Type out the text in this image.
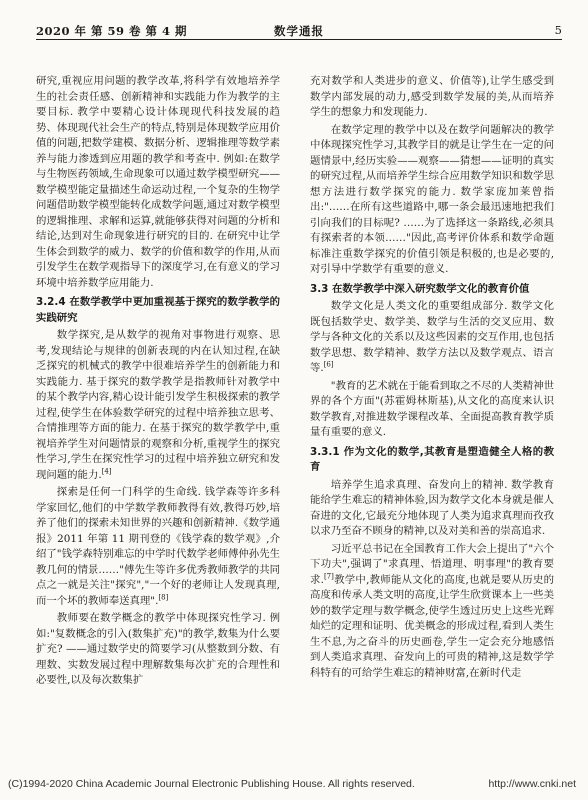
2020 年 第 59 卷 第 4 期	数学通报	5

研究,重视应用问题的教学改革,将科学有效地培养学生的社会责任感、创新精神和实践能力作为教学的主要目标. 教学中要精心设计体现现代科技发展的趋势、体现现代社会生产的特点,特别是体现数学应用价值的问题,把数学建模、数据分析、逻辑推理等数学素养与能力渗透到应用题的教学和考查中. 例如:在数学与生物医药领域,生命现象可以通过数学模型研究——数学模型能定量描述生命运动过程,一个复杂的生物学问题借助数学模型能转化成数学问题,通过对数学模型的逻辑推理、求解和运算,就能够获得对问题的分析和结论,达到对生命现象进行研究的目的. 在研究中让学生体会到数学的威力、数学的价值和数学的作用,从而引发学生在数学观指导下的深度学习,在有意义的学习环境中培养数学应用能力.

3.2.4 在数学教学中更加重视基于探究的数学教学的实践研究

数学探究,是从数学的视角对事物进行观察、思考,发现结论与规律的创新表现的内在认知过程,在缺乏探究的机械式的教学中很难培养学生的创新能力和实践能力. 基于探究的数学教学是指教师针对教学中的某个教学内容,精心设计能引发学生积极探索的教学过程,使学生在体验数学研究的过程中培养独立思考、合情推理等方面的能力. 在基于探究的数学教学中,重视培养学生对问题情景的观察和分析,重视学生的探究性学习,学生在探究性学习的过程中培养独立研究和发现问题的能力.[4]

探索是任何一门科学的生命线. 钱学森等许多科学家回忆,他们的中学数学教师教得有效,教得巧妙,培养了他们的探索未知世界的兴趣和创新精神.《数学通报》2011 年第 11 期刊登的《钱学森的数学观》,介绍了"钱学森特别难忘的中学时代数学老师傅仲孙先生教几何的情景……"傅先生等许多优秀教师教学的共同点之一就是关注"探究","一个好的老师让人发现真理,而一个坏的教师奉送真理".[8]

教师要在数学概念的教学中体现探究性学习. 例如:"复数概念的引入(数集扩充)"的教学,数集为什么要扩充? ——通过数学史的简要学习(从整数到分数、有理数、实数发展过程中理解数集每次扩充的合理性和必要性,以及每次数集扩

充对数学和人类进步的意义、价值等),让学生感受到数学内部发展的动力,感受到数学发展的美,从而培养学生的想象力和发现能力.

在数学定理的教学中以及在数学问题解决的教学中体现探究性学习,其教学目的就是让学生在一定的问题情景中,经历实验——观察——猜想——证明的真实的研究过程,从而培养学生综合应用数学知识和数学思想方法进行数学探究的能力. 数学家庞加莱曾指出:"……在所有这些道路中,哪一条会最迅速地把我们引向我们的目标呢? ……为了选择这一条路线,必须具有探索者的本领……"因此,高考评价体系和数学命题标准注重数学探究的价值引领是积极的,也是必要的,对引导中学数学有重要的意义.

3.3 在数学教学中深入研究数学文化的教育价值

数学文化是人类文化的重要组成部分. 数学文化既包括数学史、数学美、数学与生活的交叉应用、数学与各种文化的关系以及这些因素的交互作用,也包括数学思想、数学精神、数学方法以及数学观点、语言等.[6]

"教育的艺术就在于能看到取之不尽的人类精神世界的各个方面"(苏霍姆林斯基),从文化的高度来认识数学教育,对推进数学课程改革、全面提高教育教学质量有重要的意义.

3.3.1 作为文化的数学,其教育是塑造健全人格的教育

培养学生追求真理、奋发向上的精神. 数学教育能给学生难忘的精神体验,因为数学文化本身就是催人奋进的文化,它最充分地体现了人类为追求真理而孜孜以求乃至奋不顾身的精神,以及对美和善的崇高追求.

习近平总书记在全国教育工作大会上提出了"六个下功夫",强调了"求真理、悟道理、明事理"的教育要求.[7]教学中,教师能从文化的高度,也就是要从历史的高度和传承人类文明的高度,让学生欣赏课本上一些美妙的数学定理与数学概念,使学生透过历史上这些光辉灿烂的定理和证明、优美概念的形成过程,看到人类生生不息,为之奋斗的历史画卷,学生一定会充分地感悟到人类追求真理、奋发向上的可贵的精神,这是数学学科特有的可给学生难忘的精神财富,在新时代走

(C)1994-2020 China Academic Journal Electronic Publishing House. All rights reserved.	http://www.cnki.net
